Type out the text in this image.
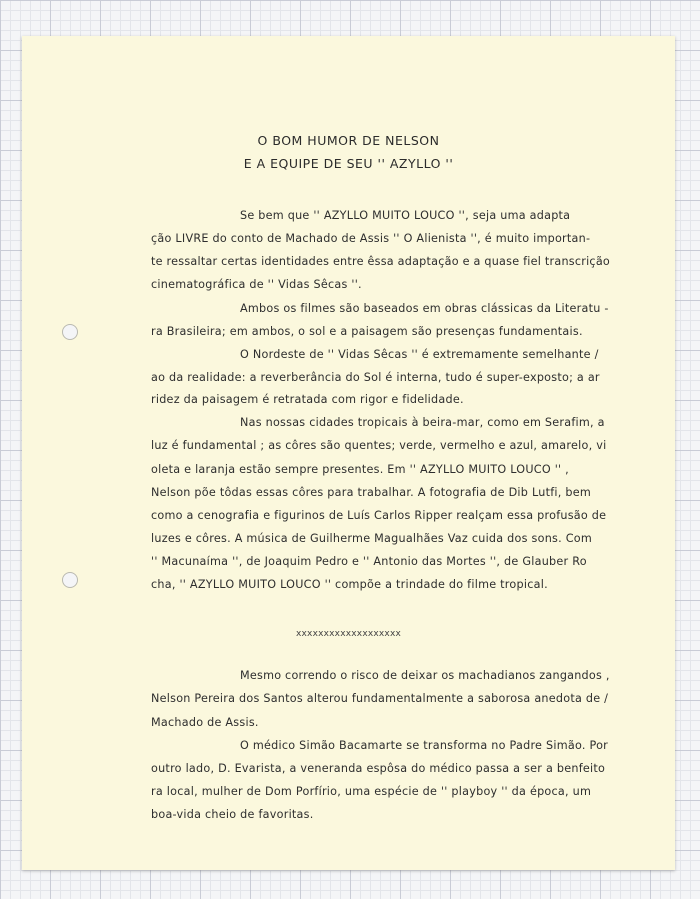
O BOM HUMOR DE NELSON
E A EQUIPE DE SEU '' AZYLLO ''
Se bem que '' AZYLLO MUITO LOUCO '', seja uma adapta
ção LIVRE do conto de Machado de Assis '' O Alienista '', é muito importan-
te ressaltar certas identidades entre êssa adaptação e a quase fiel transcrição
cinematográfica de '' Vidas Sêcas ''.
Ambos os filmes são baseados em obras clássicas da Literatu -
ra Brasileira; em ambos, o sol e a paisagem são presenças fundamentais.
O Nordeste de '' Vidas Sêcas '' é extremamente semelhante /
ao da realidade: a reverberância do Sol é interna, tudo é super-exposto; a ar
ridez da paisagem é retratada com rigor e fidelidade.
Nas nossas cidades tropicais à beira-mar, como em Serafim, a
luz é fundamental ; as côres são quentes; verde, vermelho e azul, amarelo, vi
oleta e laranja estão sempre presentes. Em '' AZYLLO MUITO LOUCO '' ,
Nelson põe tôdas essas côres para trabalhar. A fotografia de Dib Lutfi, bem
como a cenografia e figurinos de Luís Carlos Ripper realçam essa profusão de
luzes e côres. A música de Guilherme Magualhães Vaz cuida dos sons. Com
'' Macunaíma '', de Joaquim Pedro e '' Antonio das Mortes '', de Glauber Ro
cha, '' AZYLLO MUITO LOUCO '' compõe a trindade do filme tropical.
xxxxxxxxxxxxxxxxxxx
Mesmo correndo o risco de deixar os machadianos zangandos ,
Nelson Pereira dos Santos alterou fundamentalmente a saborosa anedota de /
Machado de Assis.
O médico Simão Bacamarte se transforma no Padre Simão. Por
outro lado, D. Evarista, a veneranda espôsa do médico passa a ser a benfeito
ra local, mulher de Dom Porfírio, uma espécie de '' playboy '' da época, um
boa-vida cheio de favoritas.
